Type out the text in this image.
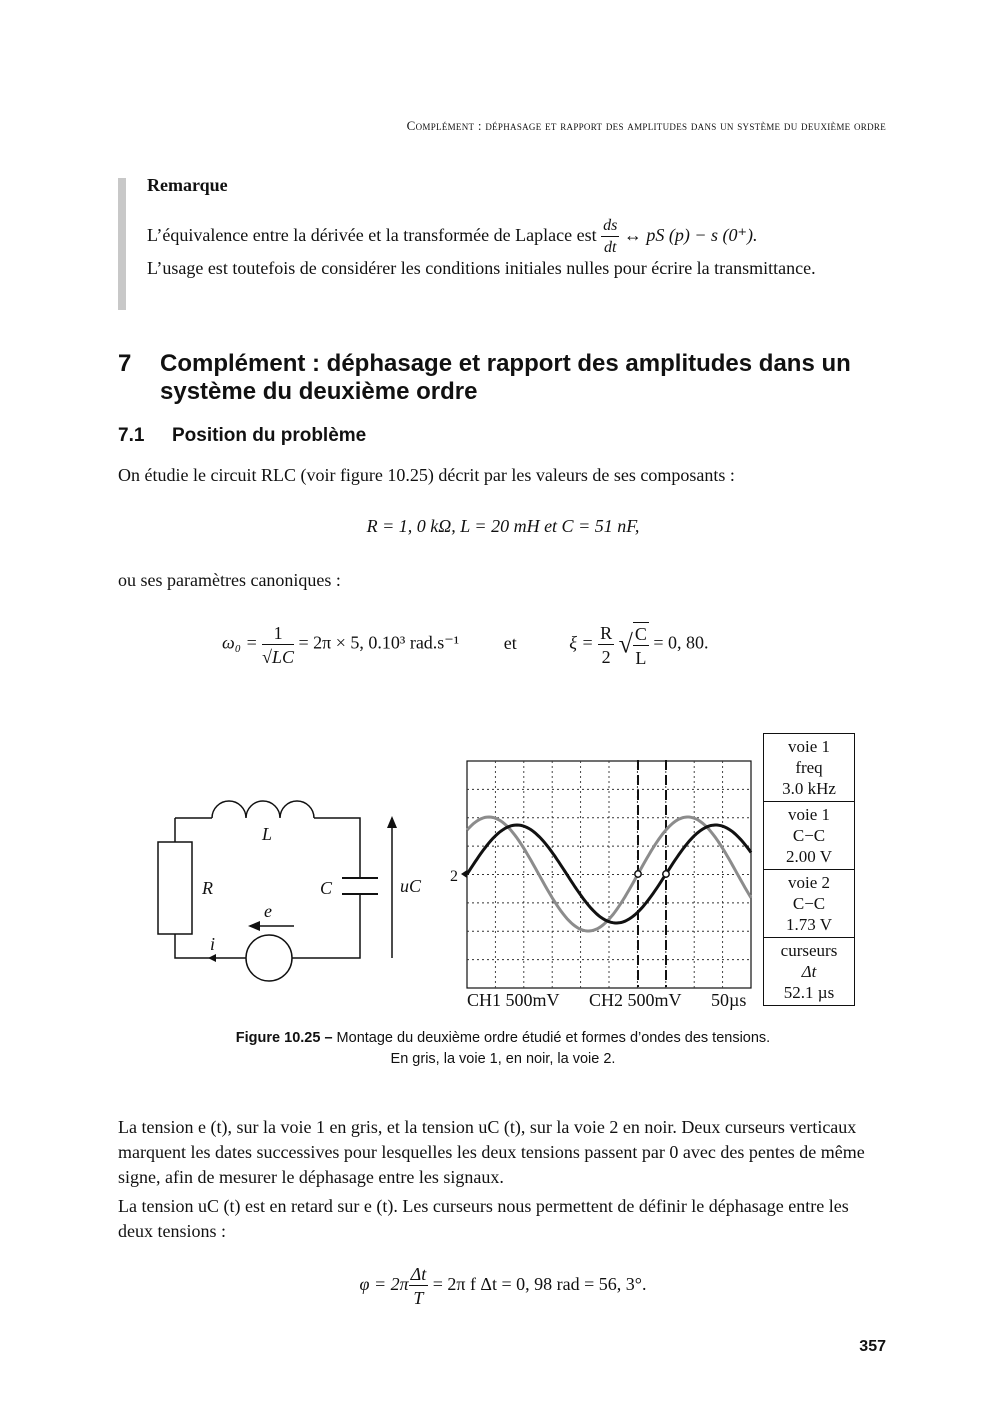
Complément : déphasage et rapport des amplitudes dans un système du deuxième ordre
Remarque
L’équivalence entre la dérivée et la transformée de Laplace est $\frac{ds}{dt}$ ↔ pS (p) − s (0⁺).
L’usage est toutefois de considérer les conditions initiales nulles pour écrire la transmittance.
7 Complément : déphasage et rapport des amplitudes dans un système du deuxième ordre
7.1 Position du problème
On étudie le circuit RLC (voir figure 10.25) décrit par les valeurs de ses composants :
R = 1, 0 kΩ, L = 20 mH et C = 51 nF,
ou ses paramètres canoniques :
$\omega_0 = \frac{1}{√LC} = 2\pi \times 5$, 0.10³ rad.s⁻¹ et	$\xi = \frac{R}{2}$ √ $\frac{C}{L} = 0$, 80.
L
R	C	uC
e
i
2
CH1 500mV CH2 500mV 50µs
voie 1
freq
3.0 kHz
voie 1
C−C
2.00 V
voie 2
C−C
1.73 V
curseurs
Δt
52.1 µs
Figure 10.25 – Montage du deuxième ordre étudié et formes d’ondes des tensions.
En gris, la voie 1, en noir, la voie 2.
La tension e (t), sur la voie 1 en gris, et la tension uC (t), sur la voie 2 en noir. Deux curseurs verticaux marquent les dates successives pour lesquelles les deux tensions passent par 0 avec des pentes de même signe, afin de mesurer le déphasage entre les signaux.
La tension uC (t) est en retard sur e (t). Les curseurs nous permettent de définir le déphasage entre les deux tensions :
$\varphi = 2\pi \frac{\Delta t}{T} = 2\pi$ f Δt = 0, 98 rad = 56, 3°.
357
